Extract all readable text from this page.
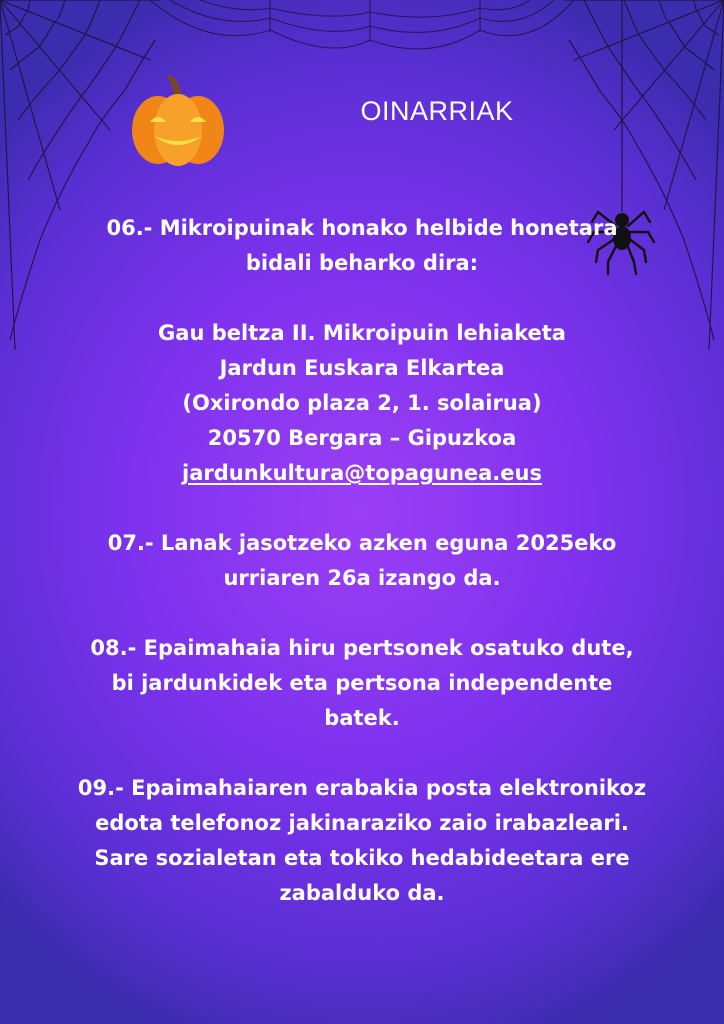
OINARRIAK

06.- Mikroipuinak honako helbide honetara

bidali beharko dira:

Gau beltza II. Mikroipuin lehiaketa

Jardun Euskara Elkartea

(Oxirondo plaza 2, 1. solairua)

20570 Bergara – Gipuzkoa

jardunkultura@topagunea.eus

07.- Lanak jasotzeko azken eguna 2025eko

urriaren 26a izango da.

08.- Epaimahaia hiru pertsonek osatuko dute,

bi jardunkidek eta pertsona independente

batek.

09.- Epaimahaiaren erabakia posta elektronikoz

edota telefonoz jakinaraziko zaio irabazleari.

Sare sozialetan eta tokiko hedabideetara ere

zabalduko da.
